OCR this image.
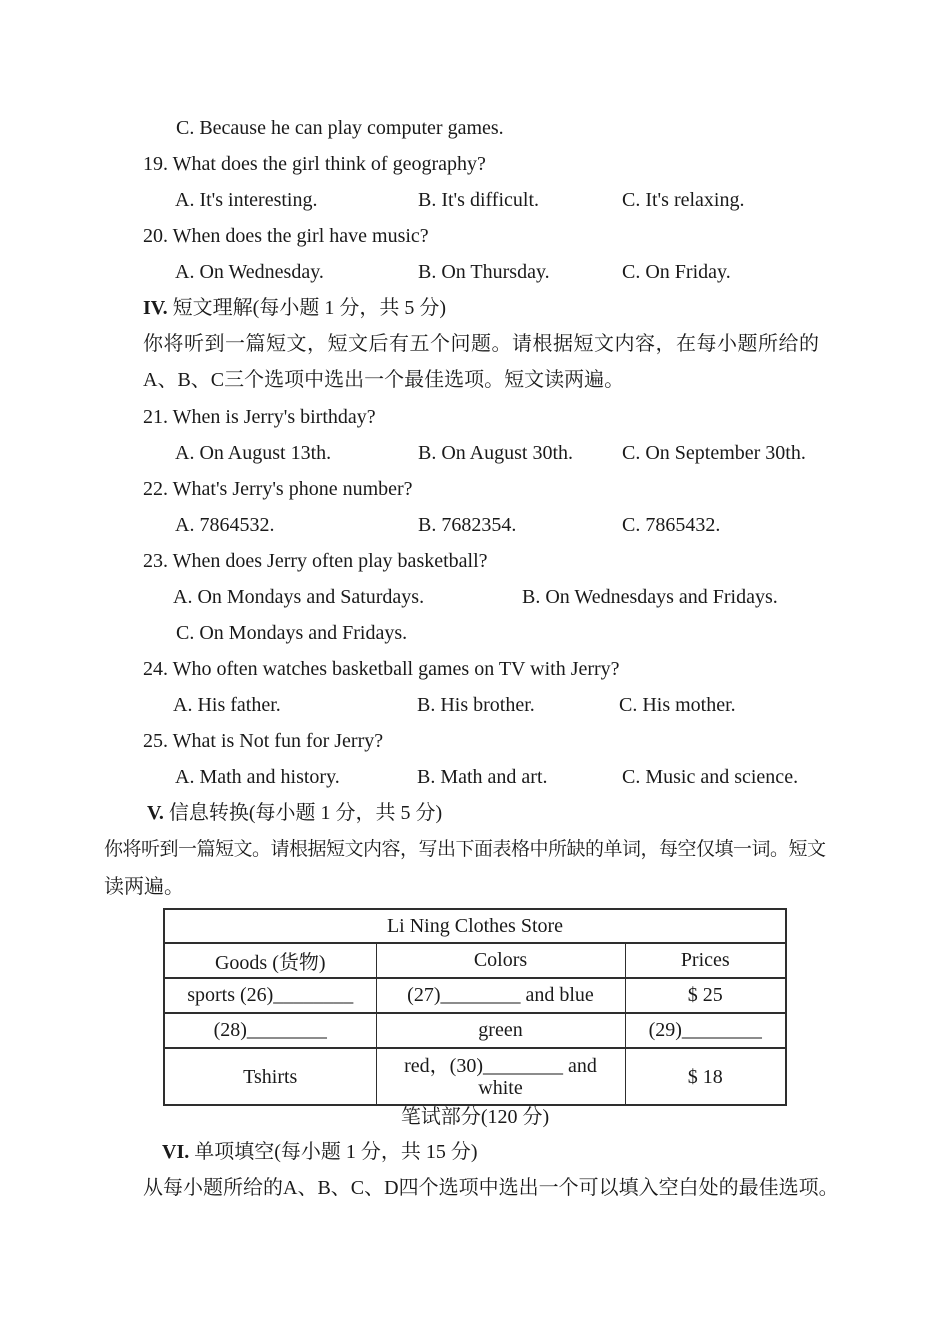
C. Because he can play computer games.
19. What does the girl think of geography?
A. It's interesting.	B. It's difficult.	C. It's relaxing.
20. When does the girl have music?
A. On Wednesday.	B. On Thursday.	C. On Friday.
IV. 短文理解(每小题 1 分，共 5 分)
你将听到一篇短文，短文后有五个问题。请根据短文内容，在每小题所给的
A、B、C三个选项中选出一个最佳选项。短文读两遍。
21. When is Jerry's birthday?
A. On August 13th.	B. On August 30th. C. On September 30th.
22. What's Jerry's phone number?
A. 7864532.	B. 7682354.	C. 7865432.
23. When does Jerry often play basketball?
A. On Mondays and Saturdays.	B. On Wednesdays and Fridays.
C. On Mondays and Fridays.
24. Who often watches basketball games on TV with Jerry?
A. His father.	B. His brother.	C. His mother.
25. What is Not fun for Jerry?
A. Math and history.	B. Math and art.	C. Music and science.
V. 信息转换(每小题 1 分，共 5 分)
你将听到一篇短文。请根据短文内容，写出下面表格中所缺的单词，每空仅填一词。短文
读两遍。
Li Ning Clothes Store		
Goods (货物)	Colors	Prices
sports (26)________	(27)________ and blue	$ 25
(28)________	green	(29)________
Tshirts	red，(30)________ and
white	$ 18
笔试部分(120 分)
VI. 单项填空(每小题 1 分，共 15 分)
从每小题所给的A、B、C、D四个选项中选出一个可以填入空白处的最佳选项。
